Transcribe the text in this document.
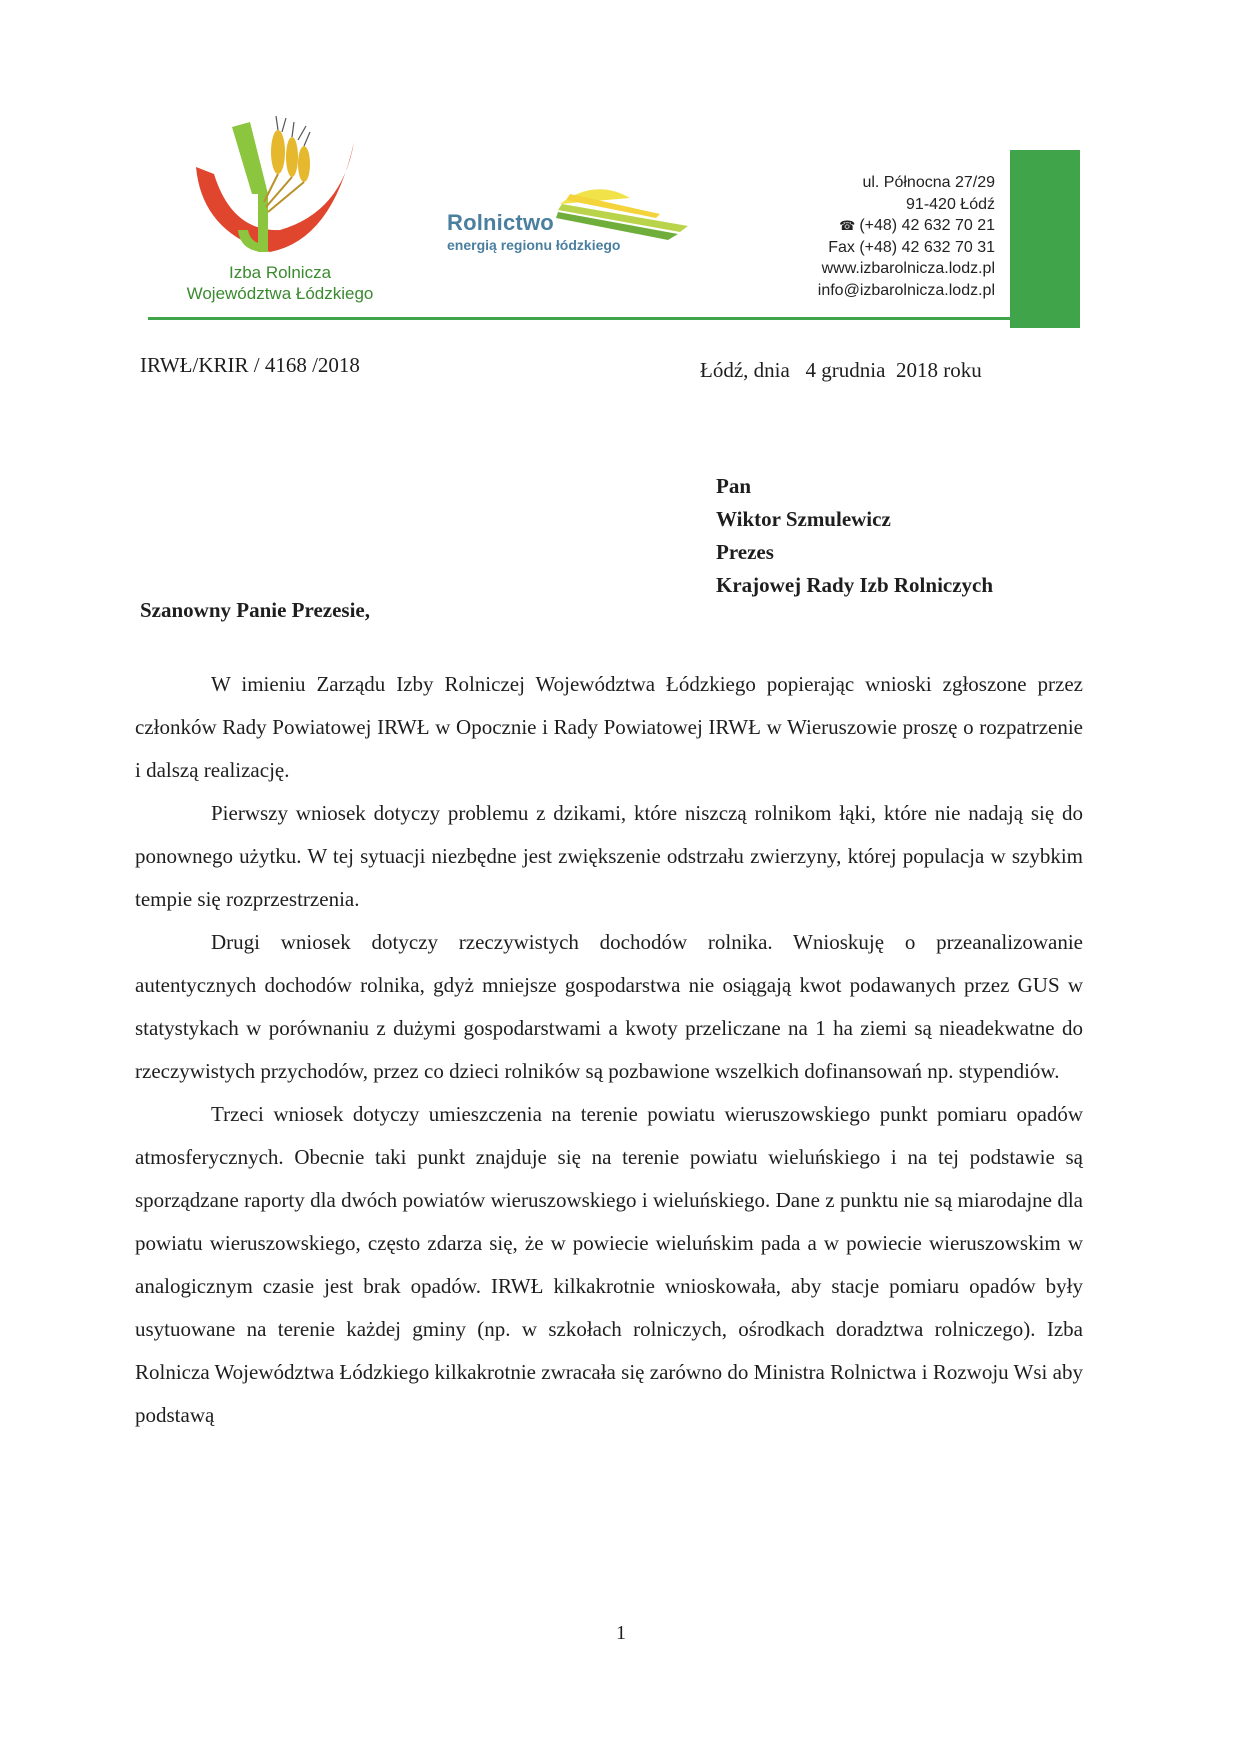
Izba Rolnicza
Województwa Łódzkiego
Rolnictwo
energią regionu łódzkiego
ul. Północna 27/29
91-420 Łódź
☎ (+48) 42 632 70 21
Fax (+48) 42 632 70 31
www.izbarolnicza.lodz.pl
info@izbarolnicza.lodz.pl
IRWŁ/KRIR / 4168 /2018	Łódź, dnia   4 grudnia  2018 roku
Pan
Wiktor Szmulewicz
Prezes
Krajowej Rady Izb Rolniczych
Szanowny Panie Prezesie,

W imieniu Zarządu Izby Rolniczej Województwa Łódzkiego popierając wnioski zgłoszone przez członków Rady Powiatowej IRWŁ w Opocznie i Rady Powiatowej IRWŁ w Wieruszowie proszę o rozpatrzenie i dalszą realizację.

Pierwszy wniosek dotyczy problemu z dzikami, które niszczą rolnikom łąki, które nie nadają się do ponownego użytku. W tej sytuacji niezbędne jest zwiększenie odstrzału zwierzyny, której populacja w szybkim tempie się rozprzestrzenia.

Drugi wniosek dotyczy rzeczywistych dochodów rolnika. Wnioskuję o przeanalizowanie autentycznych dochodów rolnika, gdyż mniejsze gospodarstwa nie osiągają kwot podawanych przez GUS w statystykach w porównaniu z dużymi gospodarstwami a kwoty przeliczane na 1 ha ziemi są nieadekwatne do rzeczywistych przychodów, przez co dzieci rolników są pozbawione wszelkich dofinansowań np. stypendiów.

Trzeci wniosek dotyczy umieszczenia na terenie powiatu wieruszowskiego punkt pomiaru opadów atmosferycznych. Obecnie taki punkt znajduje się na terenie powiatu wieluńskiego i na tej podstawie są sporządzane raporty dla dwóch powiatów wieruszowskiego i wieluńskiego. Dane z punktu nie są miarodajne dla powiatu wieruszowskiego, często zdarza się, że w powiecie wieluńskim pada a w powiecie wieruszowskim w analogicznym czasie jest brak opadów. IRWŁ kilkakrotnie wnioskowała, aby stacje pomiaru opadów były usytuowane na terenie każdej gminy (np. w szkołach rolniczych, ośrodkach doradztwa rolniczego). Izba Rolnicza Województwa Łódzkiego kilkakrotnie zwracała się zarówno do Ministra Rolnictwa i Rozwoju Wsi aby podstawą

1
